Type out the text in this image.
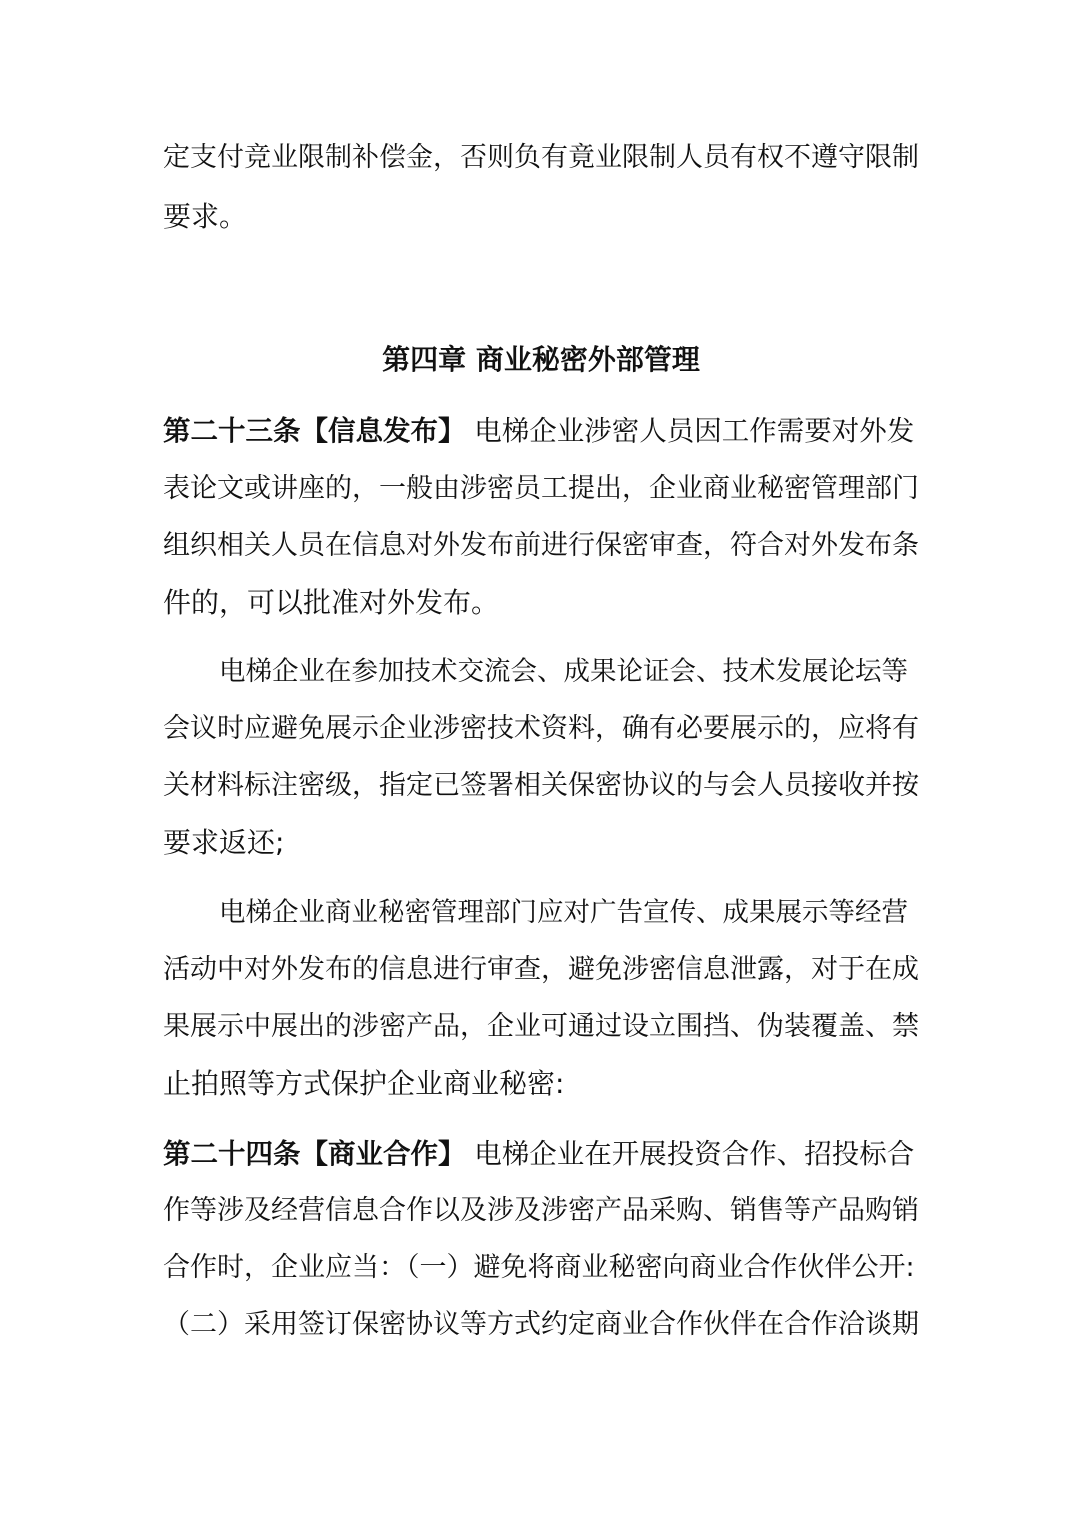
定支付竞业限制补偿金，否则负有竟业限制人员有权不遵守限制
要求。
第四章 商业秘密外部管理
第二十三条【信息发布】 电梯企业涉密人员因工作需要对外发
表论文或讲座的，一般由涉密员工提出，企业商业秘密管理部门
组织相关人员在信息对外发布前进行保密审查，符合对外发布条
件的，可以批准对外发布。
电梯企业在参加技术交流会、成果论证会、技术发展论坛等
会议时应避免展示企业涉密技术资料，确有必要展示的，应将有
关材料标注密级，指定已签署相关保密协议的与会人员接收并按
要求返还;
电梯企业商业秘密管理部门应对广告宣传、成果展示等经营
活动中对外发布的信息进行审查，避免涉密信息泄露，对于在成
果展示中展出的涉密产品，企业可通过设立围挡、伪装覆盖、禁
止拍照等方式保护企业商业秘密:
第二十四条【商业合作】 电梯企业在开展投资合作、招投标合
作等涉及经营信息合作以及涉及涉密产品采购、销售等产品购销
合作时，企业应当：（一）避免将商业秘密向商业合作伙伴公开:
（二）采用签订保密协议等方式约定商业合作伙伴在合作洽谈期
